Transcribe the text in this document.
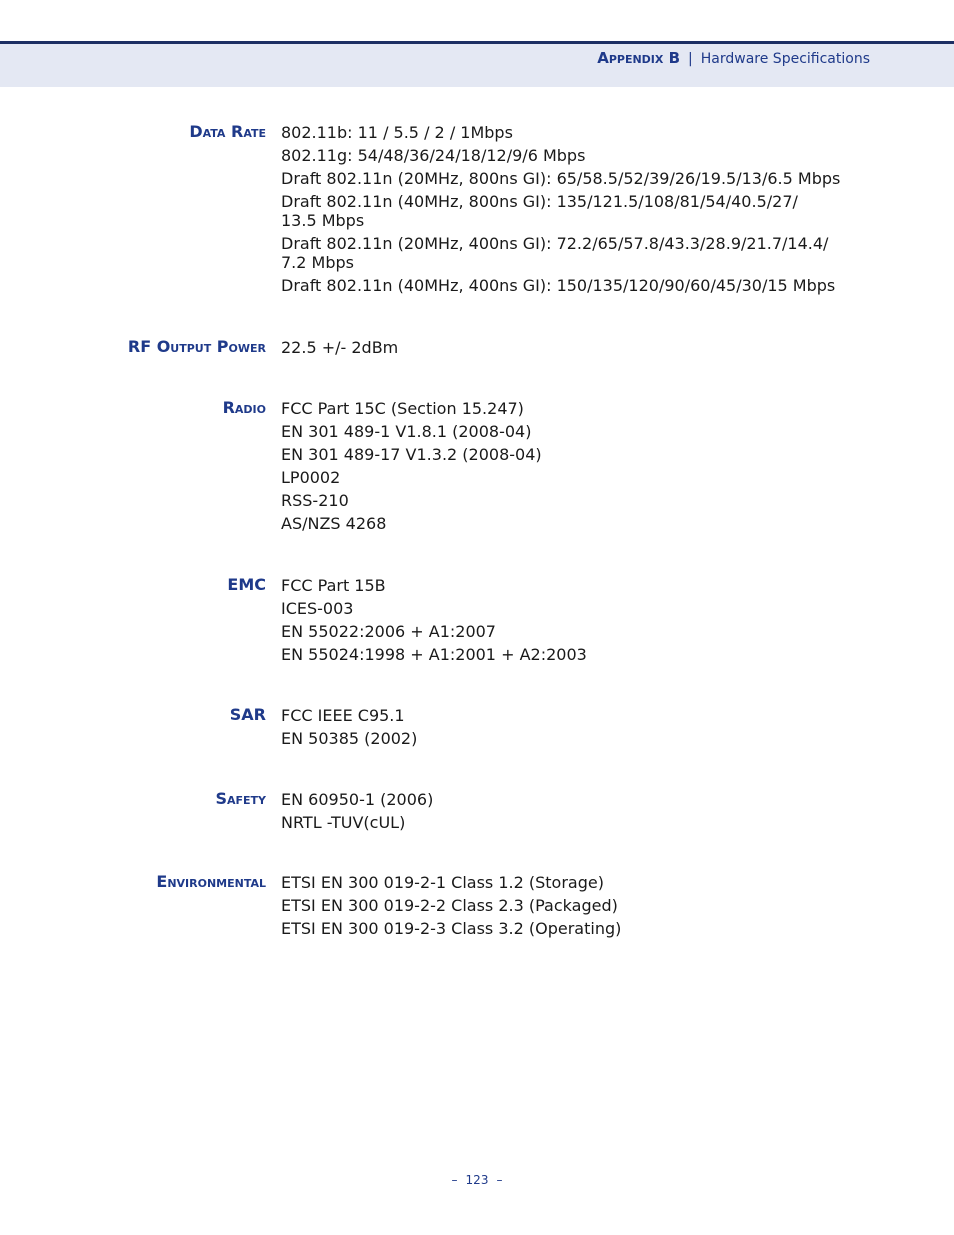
Appendix B | Hardware Specifications
Data Rate 802.11b: 11 / 5.5 / 2 / 1Mbps
802.11g: 54/48/36/24/18/12/9/6 Mbps
Draft 802.11n (20MHz, 800ns GI): 65/58.5/52/39/26/19.5/13/6.5 Mbps
Draft 802.11n (40MHz, 800ns GI): 135/121.5/108/81/54/40.5/27/
13.5 Mbps
Draft 802.11n (20MHz, 400ns GI): 72.2/65/57.8/43.3/28.9/21.7/14.4/
7.2 Mbps
Draft 802.11n (40MHz, 400ns GI): 150/135/120/90/60/45/30/15 Mbps
RF Output Power 22.5 +/- 2dBm
Radio FCC Part 15C (Section 15.247)
EN 301 489-1 V1.8.1 (2008-04)
EN 301 489-17 V1.3.2 (2008-04)
LP0002
RSS-210
AS/NZS 4268
EMC FCC Part 15B
ICES-003
EN 55022:2006 + A1:2007
EN 55024:1998 + A1:2001 + A2:2003
SAR FCC IEEE C95.1
EN 50385 (2002)
Safety EN 60950-1 (2006)
NRTL -TUV(cUL)
Environmental ETSI EN 300 019-2-1 Class 1.2 (Storage)
ETSI EN 300 019-2-2 Class 2.3 (Packaged)
ETSI EN 300 019-2-3 Class 3.2 (Operating)
– 123 –
